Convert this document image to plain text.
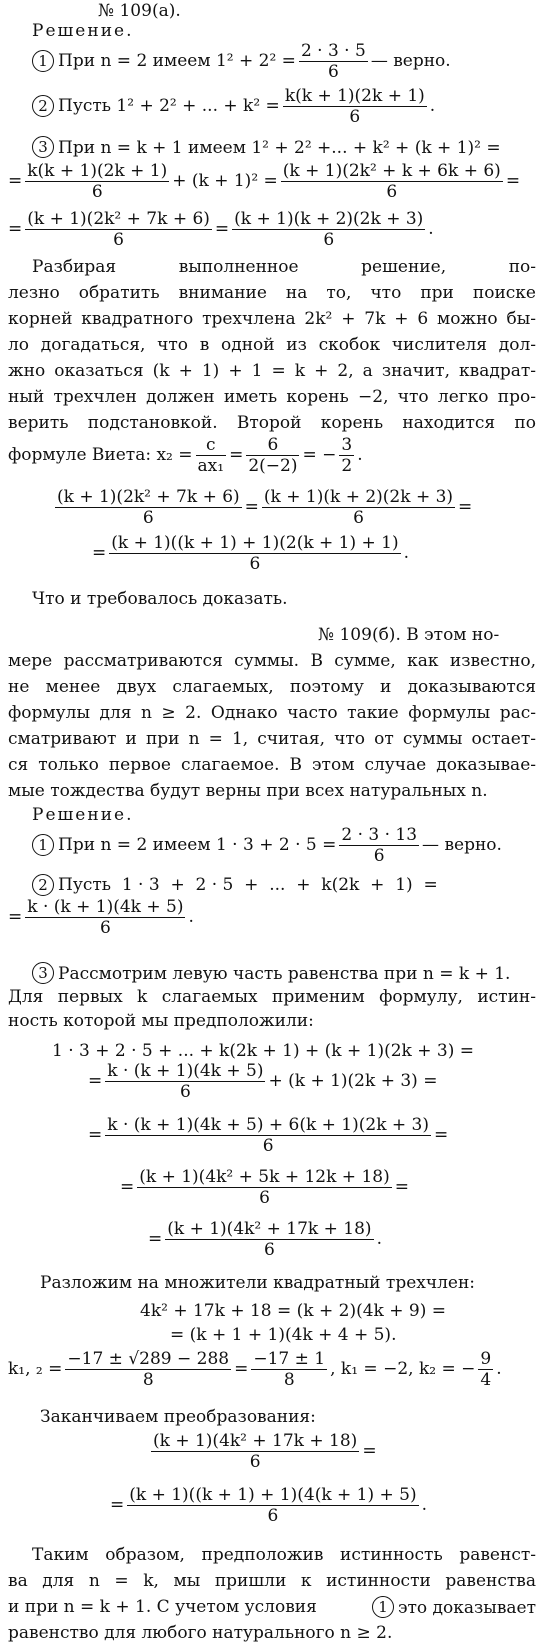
№ 109(а).
Решение.
1 При n = 2 имеем $1^2 + 2^2 = \frac{2 \cdot 3 \cdot 5}{6}$ — верно.
2 Пусть 1² + 2² + ... + $k^2 = \frac{k(k + 1)(2k + 1)}{6}$ .
3 При n = k + 1 имеем 1² + 2² +... + k² + (k + 1)² =
= $\frac{k(k + 1)(2k + 1)}{6} + (k + 1)^2 = \frac{\text{(k + 1)(2k² + k + 6k + 6)}}{6}$ =
= $\frac{\text{(k + 1)(2k² + 7k + 6)}}{6} = \frac{(k + 1)(k + 2)(2k + 3)}{6}$ .
Разбирая выполненное решение, по-
лезно обратить внимание на то, что при поиске
корней квадратного трехчлена 2k² + 7k + 6 можно бы-
ло догадаться, что в одной из скобок числителя дол-
жно оказаться (k + 1) + 1 = k + 2, а значит, квадрат-
ный трехчлен должен иметь корень −2, что легко про-
верить подстановкой. Второй корень находится по
формуле Виета: $x_2 = \frac{c}{\text{ax₁}} = \frac{6}{2(-2)}$ = − $\frac{3}{2}$ .
$\frac{\text{(k + 1)(2k² + 7k + 6)}}{6} = \frac{(k + 1)(k + 2)(2k + 3)}{6}$ =
= $\frac{(k + 1)((k + 1) + 1)(2(k + 1) + 1)}{6}$ .
Что и требовалось доказать.
№ 109(б). В этом но-
мере рассматриваются суммы. В сумме, как известно,
не менее двух слагаемых, поэтому и доказываются
формулы для n ≥ 2. Однако часто такие формулы рас-
сматривают и при n = 1, считая, что от суммы остает-
ся только первое слагаемое. В этом случае доказывае-
мые тождества будут верны при всех натуральных n.
Решение.
1 При n = 2 имеем $1 \cdot 3 + 2 \cdot 5 = \frac{2 \cdot 3 \cdot 13}{6}$ — верно.
2 Пусть  1 · 3  +  2 · 5  +  ...  +  k(2k  +  1)  =
= $\frac{k \cdot (k + 1)(4k + 5)}{6}$ .
3 Рассмотрим левую часть равенства при n = k + 1.
Для первых k слагаемых применим формулу, истин-
ность которой мы предположили:
1 · 3 + 2 · 5 + ... + k(2k + 1) + (k + 1)(2k + 3) =
= $\frac{k \cdot (k + 1)(4k + 5)}{6} + (k + 1)(2k + 3)$ =
= $\frac{k \cdot (k + 1)(4k + 5) + 6(k + 1)(2k + 3)}{6}$ =
= $\frac{\text{(k + 1)(4k² + 5k + 12k + 18)}}{6}$ =
= $\frac{\text{(k + 1)(4k² + 17k + 18)}}{6}$ .
Разложим на множители квадратный трехчлен:
4k² + 17k + 18 = (k + 2)(4k + 9) =
= (k + 1 + 1)(4k + 4 + 5).
k₁, $_2 = \frac{-17 \pm √289 - 288}{8} = \frac{-17 \pm 1}{8}$ , k₁ = −2, k₂ = − $\frac{9}{4}$ .
Заканчиваем преобразования:
$\frac{\text{(k + 1)(4k² + 17k + 18)}}{6}$ =
= $\frac{(k + 1)((k + 1) + 1)(4(k + 1) + 5)}{6}$ .
Таким образом, предположив истинность равенст-
ва для n = k, мы пришли к истинности равенства
и при n = k + 1. С учетом условия	1 это доказывает
равенство для любого натурального n ≥ 2.
